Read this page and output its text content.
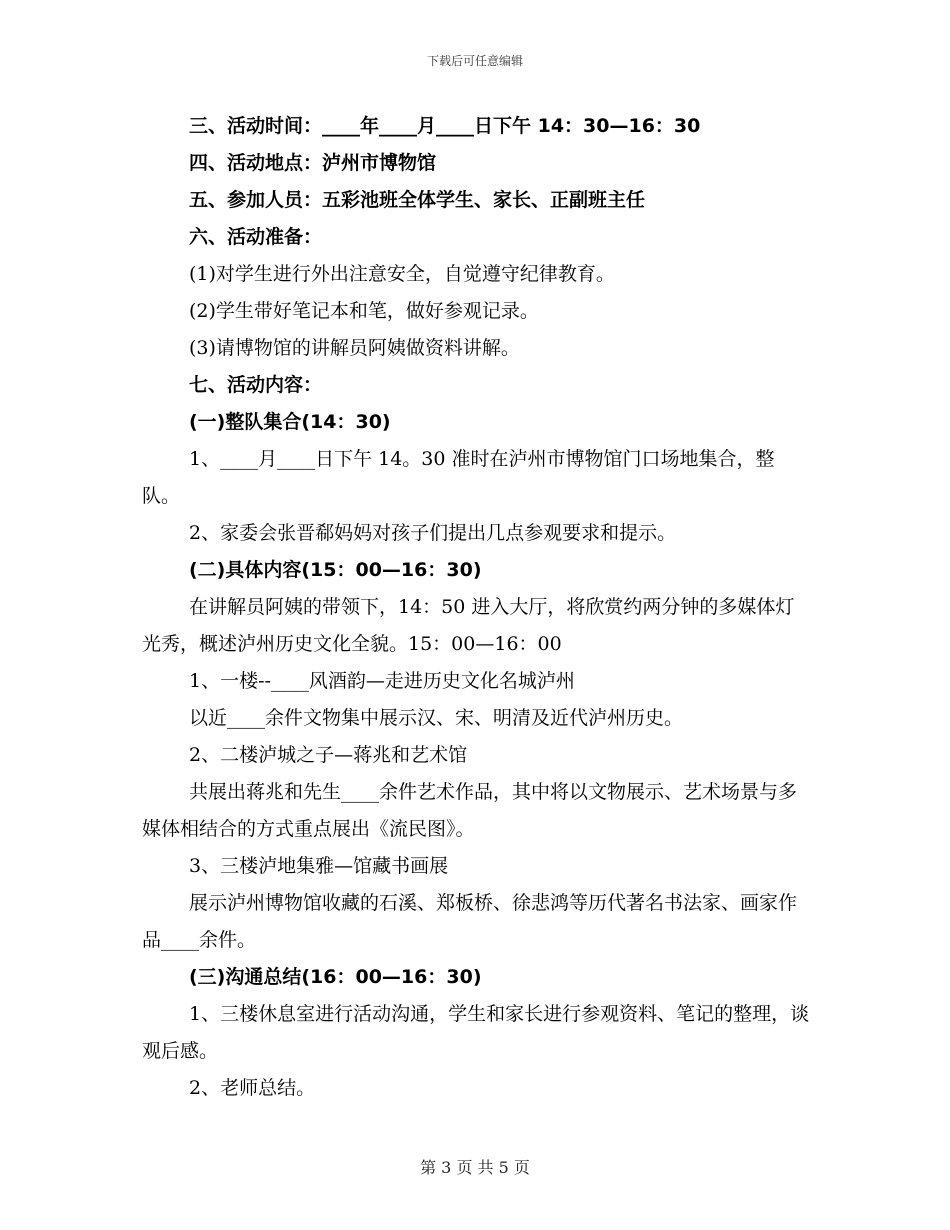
下载后可任意编辑
三、活动时间：____年____月____日下午 14：30—16：30
四、活动地点：泸州市博物馆
五、参加人员：五彩池班全体学生、家长、正副班主任
六、活动准备：
(1)对学生进行外出注意安全，自觉遵守纪律教育。
(2)学生带好笔记本和笔，做好参观记录。
(3)请博物馆的讲解员阿姨做资料讲解。
七、活动内容：
(一)整队集合(14：30)
1、____月____日下午 14。30 准时在泸州市博物馆门口场地集合，整队。
2、家委会张晋郗妈妈对孩子们提出几点参观要求和提示。
(二)具体内容(15：00—16：30)
在讲解员阿姨的带领下，14：50 进入大厅，将欣赏约两分钟的多媒体灯光秀，概述泸州历史文化全貌。15：00—16：00
1、一楼--____风酒韵—走进历史文化名城泸州
以近____余件文物集中展示汉、宋、明清及近代泸州历史。
2、二楼泸城之子—蒋兆和艺术馆
共展出蒋兆和先生____余件艺术作品，其中将以文物展示、艺术场景与多媒体相结合的方式重点展出《流民图》。
3、三楼泸地集雅—馆藏书画展
展示泸州博物馆收藏的石溪、郑板桥、徐悲鸿等历代著名书法家、画家作品____余件。
(三)沟通总结(16：00—16：30)
1、三楼休息室进行活动沟通，学生和家长进行参观资料、笔记的整理，谈观后感。
2、老师总结。
第 3 页 共 5 页
